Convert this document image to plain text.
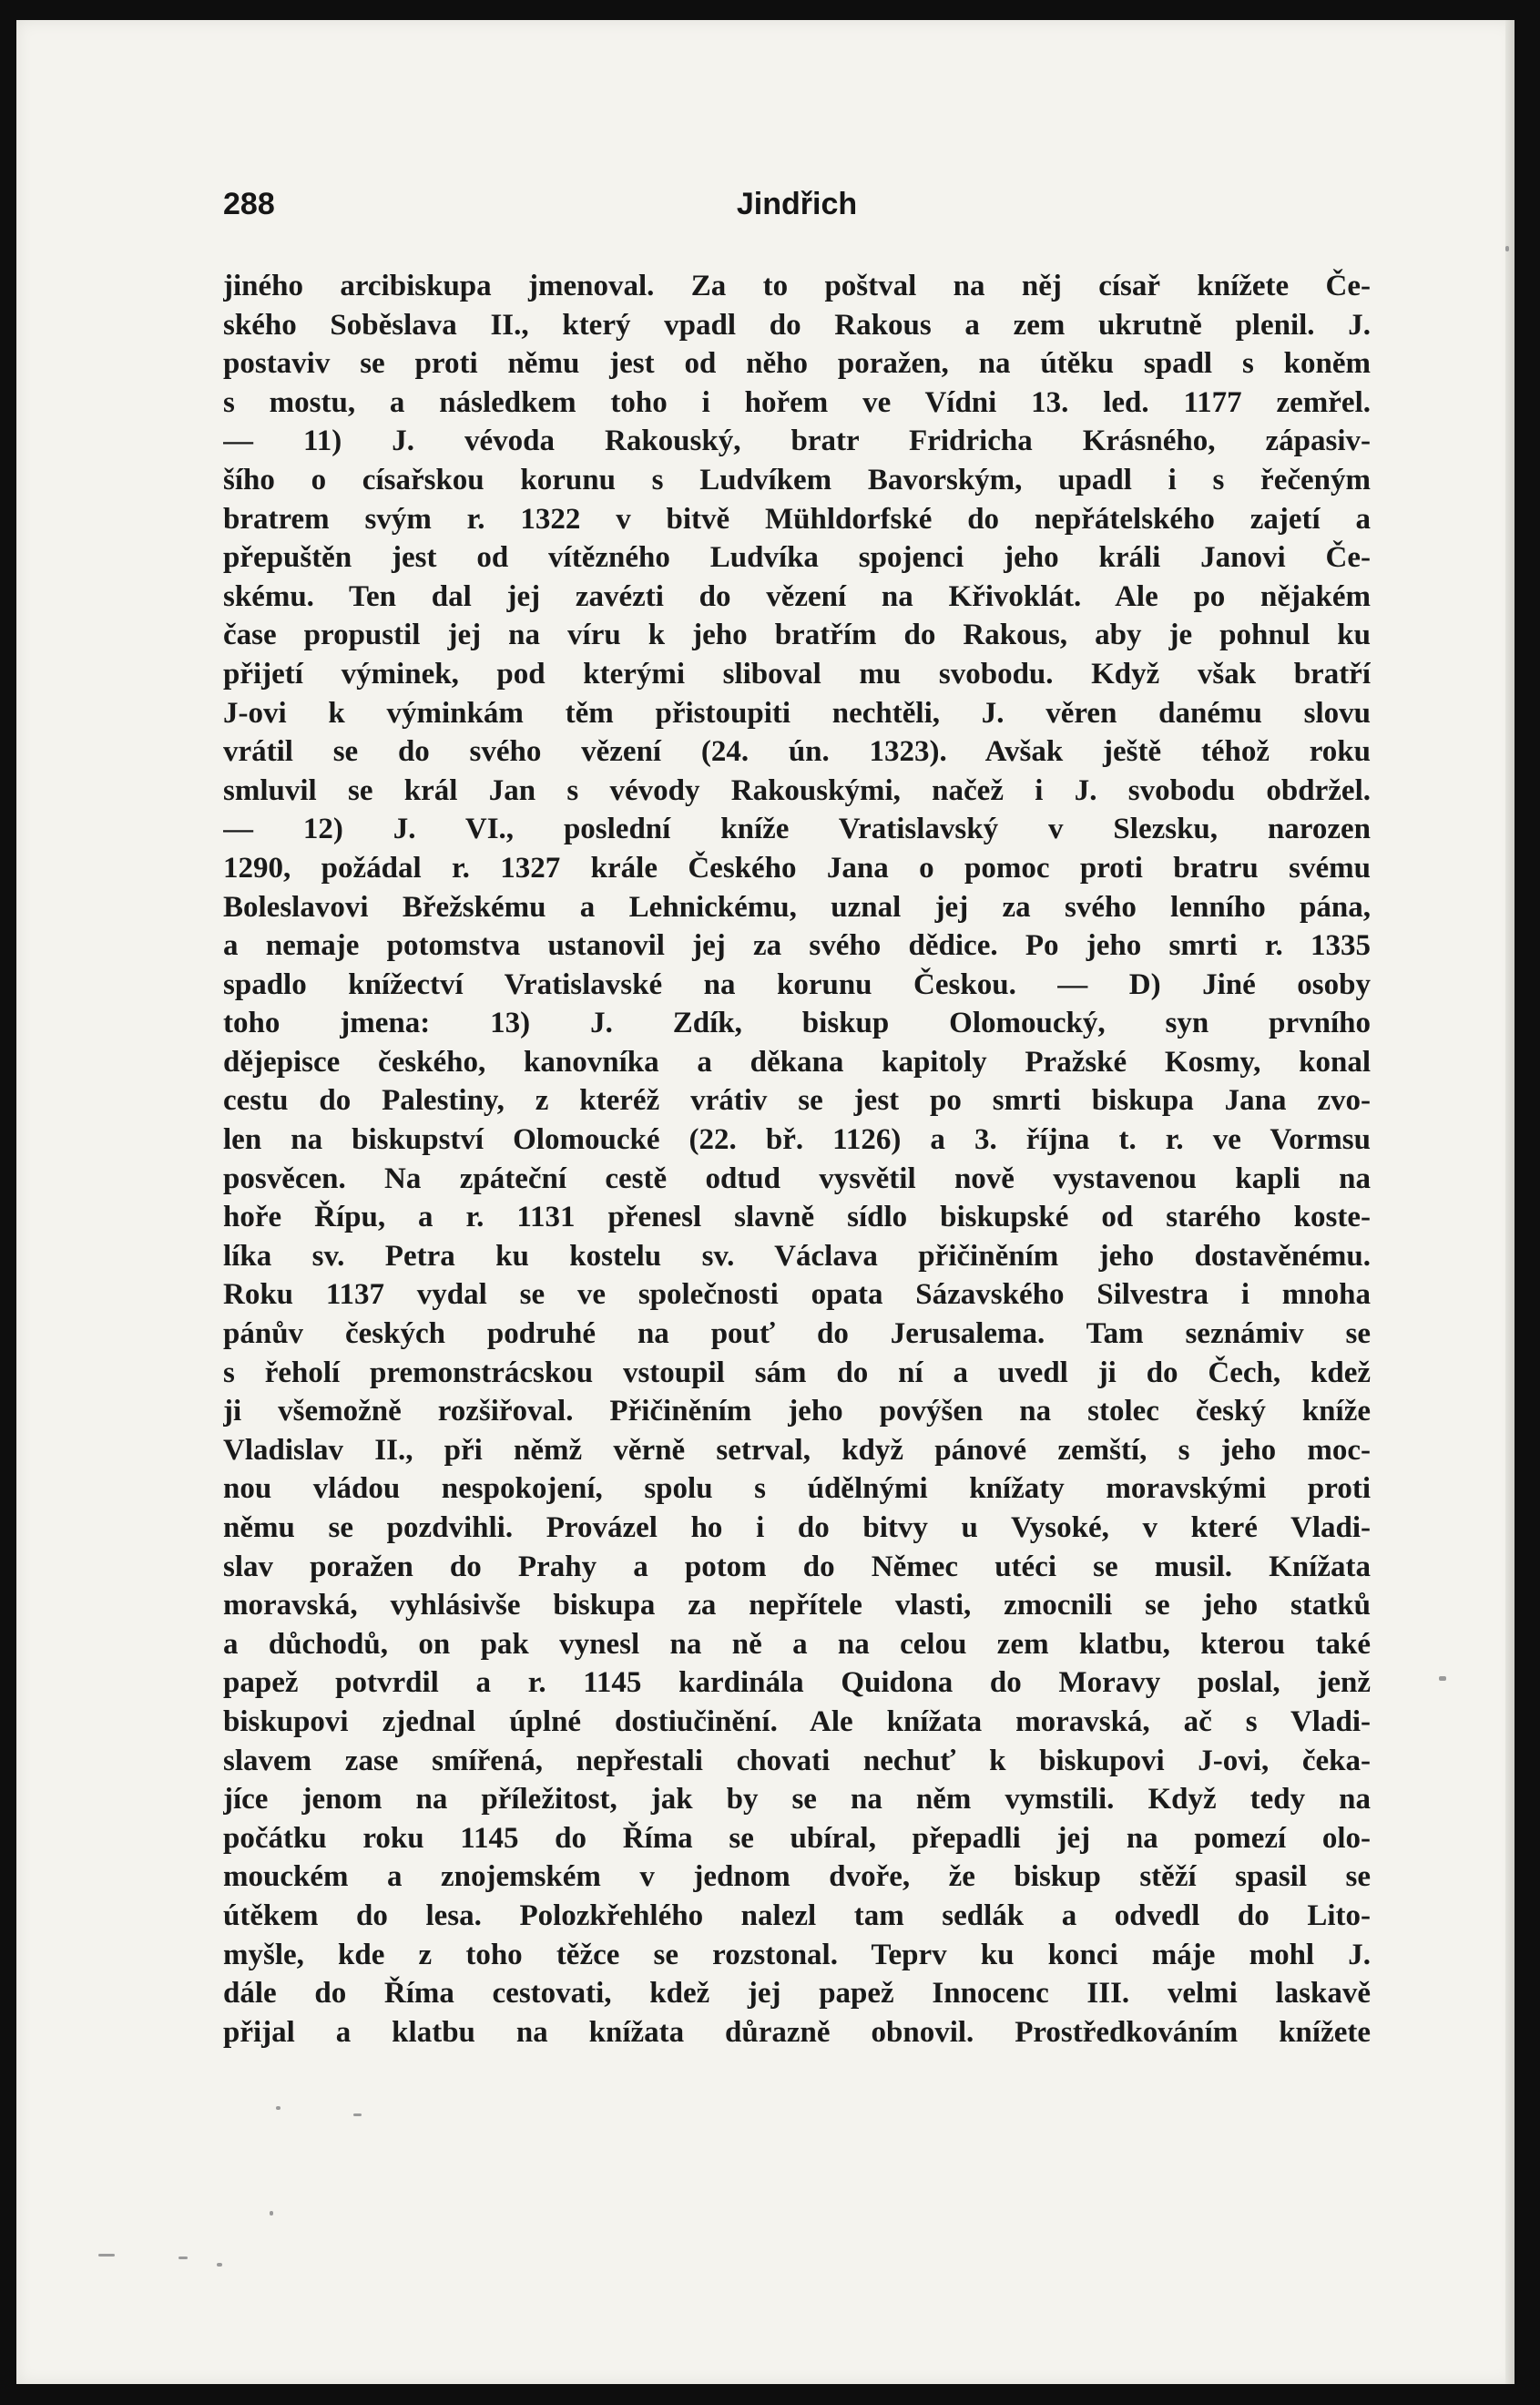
288	Jindřich
jiného arcibiskupa jmenoval. Za to poštval na něj císař knížete Če-
ského Soběslava II., který vpadl do Rakous a zem ukrutně plenil. J.
postaviv se proti němu jest od něho poražen, na útěku spadl s koněm
s mostu, a následkem toho i hořem ve Vídni 13. led. 1177 zemřel.
— 11) J. vévoda Rakouský, bratr Fridricha Krásného, zápasiv-
šího o císařskou korunu s Ludvíkem Bavorským, upadl i s řečeným
bratrem svým r. 1322 v bitvě Mühldorfské do nepřátelského zajetí a
přepuštěn jest od vítězného Ludvíka spojenci jeho králi Janovi Če-
skému. Ten dal jej zavézti do vězení na Křivoklát. Ale po nějakém
čase propustil jej na víru k jeho bratřím do Rakous, aby je pohnul ku
přijetí výminek, pod kterými sliboval mu svobodu. Když však bratří
J-ovi k výminkám těm přistoupiti nechtěli, J. věren danému slovu
vrátil se do svého vězení (24. ún. 1323). Avšak ještě téhož roku
smluvil se král Jan s vévody Rakouskými, načež i J. svobodu obdržel.
— 12) J. VI., poslední kníže Vratislavský v Slezsku, narozen
1290, požádal r. 1327 krále Českého Jana o pomoc proti bratru svému
Boleslavovi Břežskému a Lehnickému, uznal jej za svého lenního pána,
a nemaje potomstva ustanovil jej za svého dědice. Po jeho smrti r. 1335
spadlo knížectví Vratislavské na korunu Českou. — D) Jiné osoby
toho jmena: 13) J. Zdík, biskup Olomoucký, syn prvního
dějepisce českého, kanovníka a děkana kapitoly Pražské Kosmy, konal
cestu do Palestiny, z kteréž vrátiv se jest po smrti biskupa Jana zvo-
len na biskupství Olomoucké (22. bř. 1126) a 3. října t. r. ve Vormsu
posvěcen. Na zpáteční cestě odtud vysvětil nově vystavenou kapli na
hoře Řípu, a r. 1131 přenesl slavně sídlo biskupské od starého koste-
líka sv. Petra ku kostelu sv. Václava přičiněním jeho dostavěnému.
Roku 1137 vydal se ve společnosti opata Sázavského Silvestra i mnoha
pánův českých podruhé na pouť do Jerusalema. Tam seznámiv se
s řeholí premonstrácskou vstoupil sám do ní a uvedl ji do Čech, kdež
ji všemožně rozšiřoval. Přičiněním jeho povýšen na stolec český kníže
Vladislav II., při němž věrně setrval, když pánové zemští, s jeho moc-
nou vládou nespokojení, spolu s údělnými knížaty moravskými proti
němu se pozdvihli. Provázel ho i do bitvy u Vysoké, v které Vladi-
slav poražen do Prahy a potom do Němec utéci se musil. Knížata
moravská, vyhlásivše biskupa za nepřítele vlasti, zmocnili se jeho statků
a důchodů, on pak vynesl na ně a na celou zem klatbu, kterou také
papež potvrdil a r. 1145 kardinála Quidona do Moravy poslal, jenž
biskupovi zjednal úplné dostiučinění. Ale knížata moravská, ač s Vladi-
slavem zase smířená, nepřestali chovati nechuť k biskupovi J-ovi, čeka-
jíce jenom na příležitost, jak by se na něm vymstili. Když tedy na
počátku roku 1145 do Říma se ubíral, přepadli jej na pomezí olo-
mouckém a znojemském v jednom dvoře, že biskup stěží spasil se
útěkem do lesa. Polozkřehlého nalezl tam sedlák a odvedl do Lito-
myšle, kde z toho těžce se rozstonal. Teprv ku konci máje mohl J.
dále do Říma cestovati, kdež jej papež Innocenc III. velmi laskavě
přijal a klatbu na knížata důrazně obnovil. Prostředkováním knížete
